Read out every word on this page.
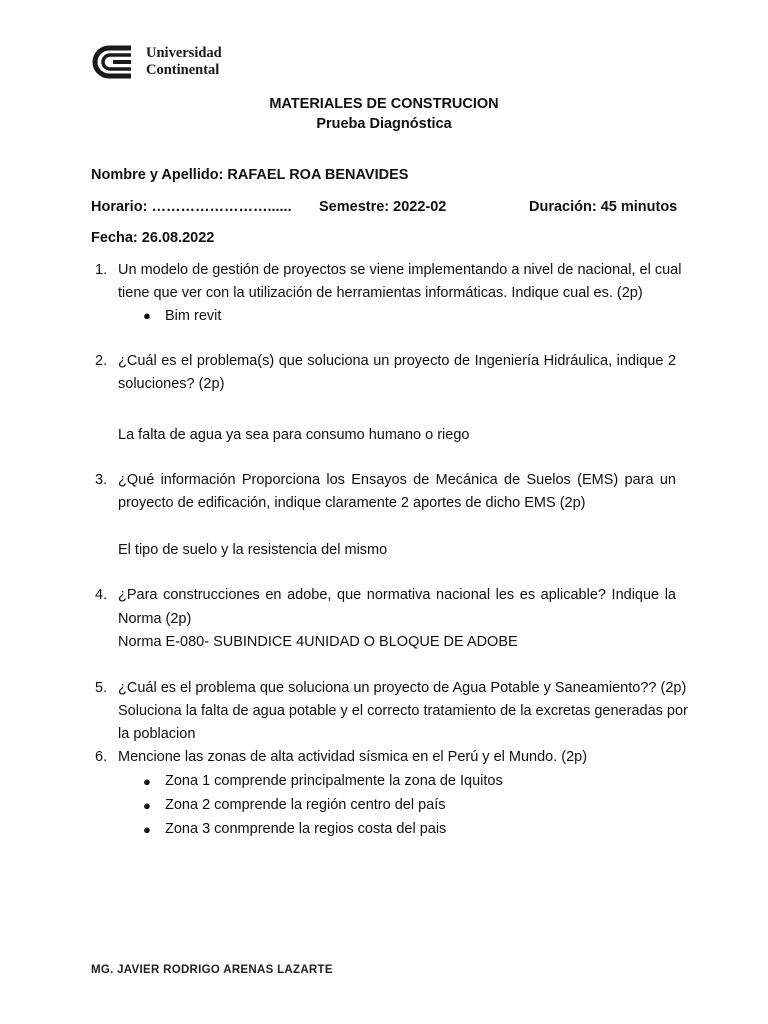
Universidad
Continental
MATERIALES DE CONSTRUCION
Prueba Diagnóstica
Nombre y Apellido: RAFAEL ROA BENAVIDES
Horario: ……………………...... Semestre: 2022-02	Duración: 45 minutos
Fecha: 26.08.2022
1. Un modelo de gestión de proyectos se viene implementando a nivel de nacional, el cual
tiene que ver con la utilización de herramientas informáticas. Indique cual es. (2p)
● Bim revit
2. ¿Cuál es el problema(s) que soluciona un proyecto de Ingeniería Hidráulica, indique 2
soluciones? (2p)
La falta de agua ya sea para consumo humano o riego
3. ¿Qué información Proporciona los Ensayos de Mecánica de Suelos (EMS) para un
proyecto de edificación, indique claramente 2 aportes de dicho EMS (2p)
El tipo de suelo y la resistencia del mismo
4. ¿Para construcciones en adobe, que normativa nacional les es aplicable? Indique la
Norma (2p)
Norma E-080- SUBINDICE 4UNIDAD O BLOQUE DE ADOBE
5. ¿Cuál es el problema que soluciona un proyecto de Agua Potable y Saneamiento?? (2p)
Soluciona la falta de agua potable y el correcto tratamiento de la excretas generadas por
la poblacion
6. Mencione las zonas de alta actividad sísmica en el Perú y el Mundo. (2p)
● Zona 1 comprende principalmente la zona de Iquitos
● Zona 2 comprende la región centro del país
● Zona 3 conmprende la regios costa del pais
MG. JAVIER RODRIGO ARENAS LAZARTE
